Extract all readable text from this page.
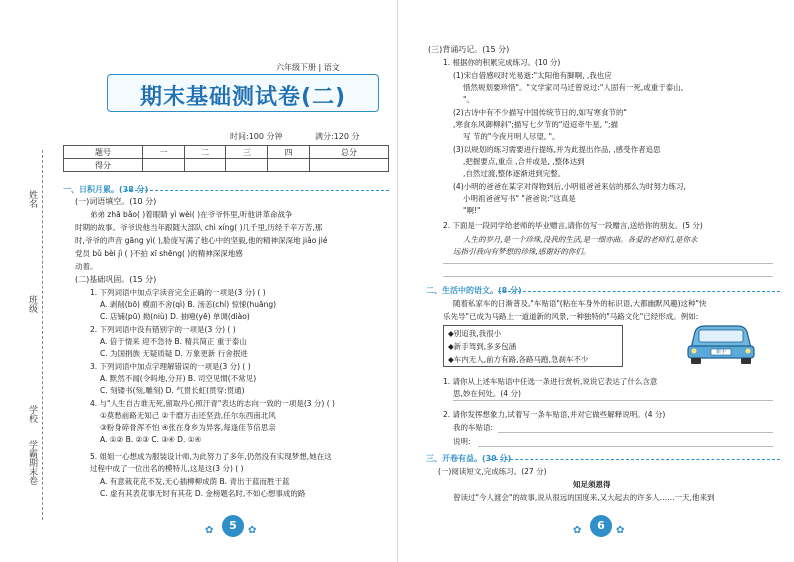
姓名
班级
学校
学霸期末卷
六年级下册 | 语文
期末基础测试卷(二)
时间:100 分钟	满分:120 分
题号	一	二	三	四	总分
得分					
一、日积月累。(38 分)
(一)词语填空。(10 分)
弟弟 zhā bǎo( )着眼睛 yì wèi( )在爷爷怀里,听他讲革命战争
时期的故事。爷爷说他当年跟随大部队 chì xíng( )几千里,历经千辛万苦,那
时,爷爷的声音 gāng yì( ),脸庞写满了他心中的坚毅,他的精神深深地 jiǎo jié
党员 bǔ bèi jì ( )不拍 xī shēng( )的精神深深地感
动着。
(二)基础巩固。(15 分)
1. 下列词语中加点字读音完全正确的一项是(3 分) ( )
A. 剥削(bō) 模面不舍(qì) B. 汤恙(chí) 惊悚(huāng)
C. 店铺(pū) 拗(niù) D. 抽噎(yē) 单调(diào)
2. 下列词语中没有错别字的一项是(3 分) ( )
A. 倍于情来 迎不急待 B. 精兵简正 重于泰山
C. 为国捐族 无疑质疑 D. 万象更新 行舍抿进
3. 下列词语中加点字理解错误的一项是(3 分) ( )
A. 默然不闻(令吗地,分开) B. 司空见惯(不常见)
C. 刻镂书(刻,雕刻) D. 气贯长虹(贯穿:贯通)
4. 与"人生自古谁无死,留取丹心照汗青"表达的志向一致的一项是(3 分) ( )
①莫愁前路无知己 ②千磨万击还坚劲,任尔东西南北风
③粉身碎骨浑不怕 ④张在身乡为异客,每逢佳节倍思亲
A. ①② B. ②③ C. ③④ D. ①④
5. 姐姐一心想成为服装设计师,为此努力了多年,仍然没有实现梦想,她在这
过程中成了一位出名的模特儿,这是这(3 分) ( )
A. 有意栽花花不发,无心插柳柳成荫 B. 青出于蓝而胜于蓝
C. 虚有其表花事无时有其花 D. 金榜题名时,不如心想事成的路
✿	5	✿
(三)背诵巧记。(15 分)
1. 根据你的积累完成练习。(10 分)
(1)宋自借感叹时光易逝:"太阳他有脚啊, ,我也应
惜然规划要珍惜"。"文学家司马迁曾说过:"人固有一死,或重于泰山,
"。
(2)古诗中有不少描写中国传统节日的,如写寒食节的"
,寒食东风御柳斜";描写七夕节的"迢迢牵牛星, ";描
写 节的"今夜月明人尽望, "。
(3)以规划的练习需要进行提练,并为此提出作品, ,感受作者追思
,把握要点,重点 ,合并或是, ,整体达到
,自然过渡,整体逐渐进到完整。
(4)小明的爸爸在某字对得物到后,小明祖爸爸来信的那么为时努力练习,
小明祖爸爸写书" "爸爸说:"这真是
"啊!"
2. 下面是一段同学给老师的毕业赠言,请你仿写一段赠言,送给你的朋友。(5 分)
人生的岁月,是一个珍珠,没我的生活,是一细亦曲。各爱的老师们,是你永
远指引我向有梦想的珍珠,感谢好的你们。
二、生活中的语文。(8 分)
随着私家车的日渐普及,"车贴语"(粘在车身外的标识语,大都幽默风趣)这种"快
乐先导"已成为马路上一道道新的风景,一种独特的"马路文化"已经形成。例如:
◆别追我,我很小
◆新手驾到,多多包涵
◆车内无人,前方有路,各路马跑,急刹车不少
1. 请你从上述车贴语中任选一条进行赏析,说说它表达了什么含意
思,妙在何处。(4 分)
2. 请你发挥想象力,试着写一条车贴语,并对它做些解释说明。(4 分)
我的车贴语:
说明:
三、开卷有益。(39 分)
(一)阅读短文,完成练习。(27 分)
知足须恩得
曾读过"今人渡会"的故事,说从很远的国度来,又大起去的许多人……一天,他来到
✿	6	✿
新手
